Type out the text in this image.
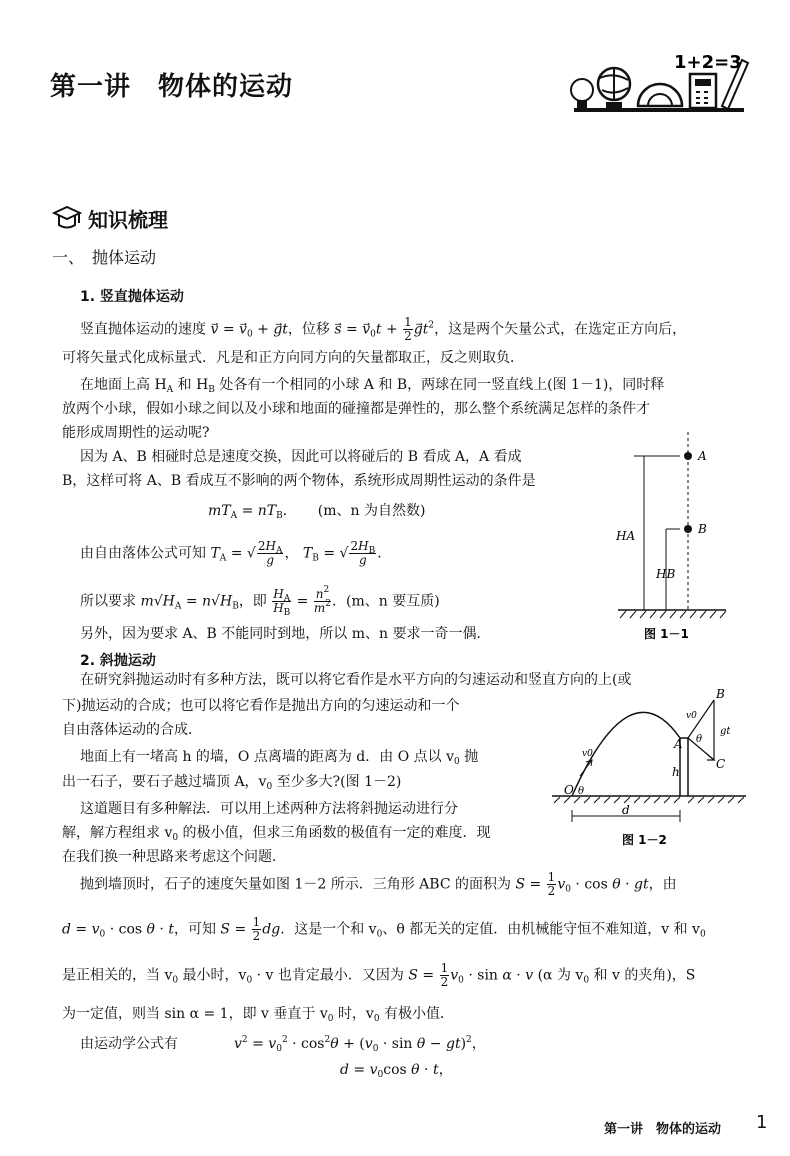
第一讲　物体的运动
1+2=3
知识梳理
一、　抛体运动
1. 竖直抛体运动
竖直抛体运动的速度 v⃗ = $v_0$ + gt，位移 s⃗ = $v_0t + \frac{1}{2} gt^2$，这是两个矢量公式，在选定正方向后，
可将矢量式化成标量式．凡是和正方向同方向的矢量都取正，反之则取负．
在地面上高 $H_A$ 和 $H_B$ 处各有一个相同的小球 A 和 B，两球在同一竖直线上(图 1－1)，同时释
放两个小球，假如小球之间以及小球和地面的碰撞都是弹性的，那么整个系统满足怎样的条件才
能形成周期性的运动呢?
因为 A、B 相碰时总是速度交换，因此可以将碰后的 B 看成 A，A 看成
B，这样可将 A、B 看成互不影响的两个物体，系统形成周期性运动的条件是
$mT_A = nT_B$．　　(m、n 为自然数)
由自由落体公式可知 $T_A$ = √ $\frac{2H_A}{g}$ ， $T_B$ = √ $\frac{2H_B}{g}$ ．
所以要求 $m√H_A = n√H_B$，即 $\frac{H_A}{H_B} = \frac{n^2}{m^2}$ ．(m、n 要互质)
另外，因为要求 A、B 不能同时到地，所以 m、n 要求一奇一偶．
A
B
HA
HB
图 1－1
2. 斜抛运动
在研究斜抛运动时有多种方法，既可以将它看作是水平方向的匀速运动和竖直方向的上(或
下)抛运动的合成；也可以将它看作是抛出方向的匀速运动和一个
自由落体运动的合成．
地面上有一堵高 h 的墙，O 点离墙的距离为 d．由 O 点以 $v_0$ 抛
出一石子，要石子越过墙顶 A，$v_0$ 至少多大?(图 1－2)
这道题目有多种解法．可以用上述两种方法将斜抛运动进行分
解，解方程组求 $v_0$ 的极小值，但求三角函数的极值有一定的难度．现
在我们换一种思路来考虑这个问题．
B
v0
gt
A θ
C
v0
h
O θ
d
图 1－2
抛到墙顶时，石子的速度矢量如图 1－2 所示．三角形 ABC 的面积为 $S = \frac{1}{2} v_0 \cdot \cos \theta$ · gt，由
$d = v_0 \cdot \cos \theta \cdot t$，可知 $S = \frac{1}{2}$ dg．这是一个和 $v_0$、θ 都无关的定值．由机械能守恒不难知道，v 和 $v_0$
是正相关的，当 $v_0$ 最小时，$v_0 \cdot v$ 也肯定最小．又因为 $S = \frac{1}{2} v_0 \cdot \sin \alpha \cdot v$ (α 为 $v_0$ 和 v 的夹角)，S
为一定值，则当 sin α = 1，即 v 垂直于 $v_0$ 时，$v_0$ 有极小值．
由运动学公式有　　　　	$v^2 = v_0^2 \cdot \cos^2\theta + (v_0 \cdot \sin \theta - gt)^2$，
$d = v_0\cos$ θ · t，
第一讲　物体的运动 1
